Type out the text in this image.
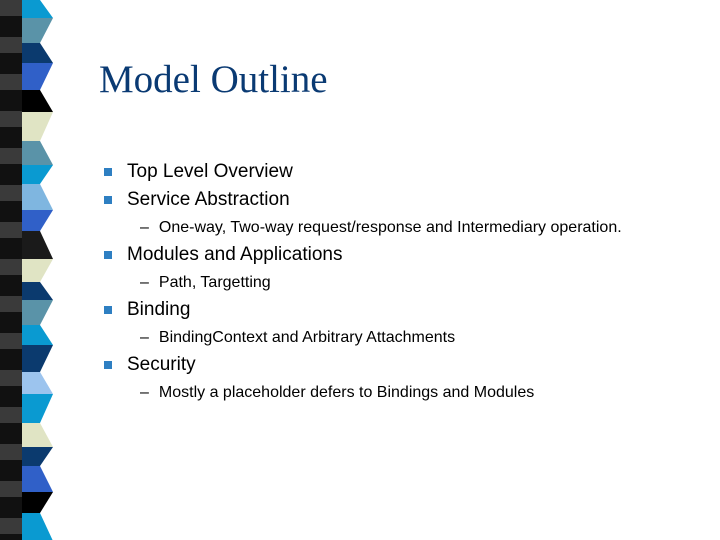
Model Outline
Top Level Overview
Service Abstraction
– One-way, Two-way request/response and Intermediary operation.
Modules and Applications
– Path, Targetting
Binding
– BindingContext and Arbitrary Attachments
Security
– Mostly a placeholder defers to Bindings and Modules
